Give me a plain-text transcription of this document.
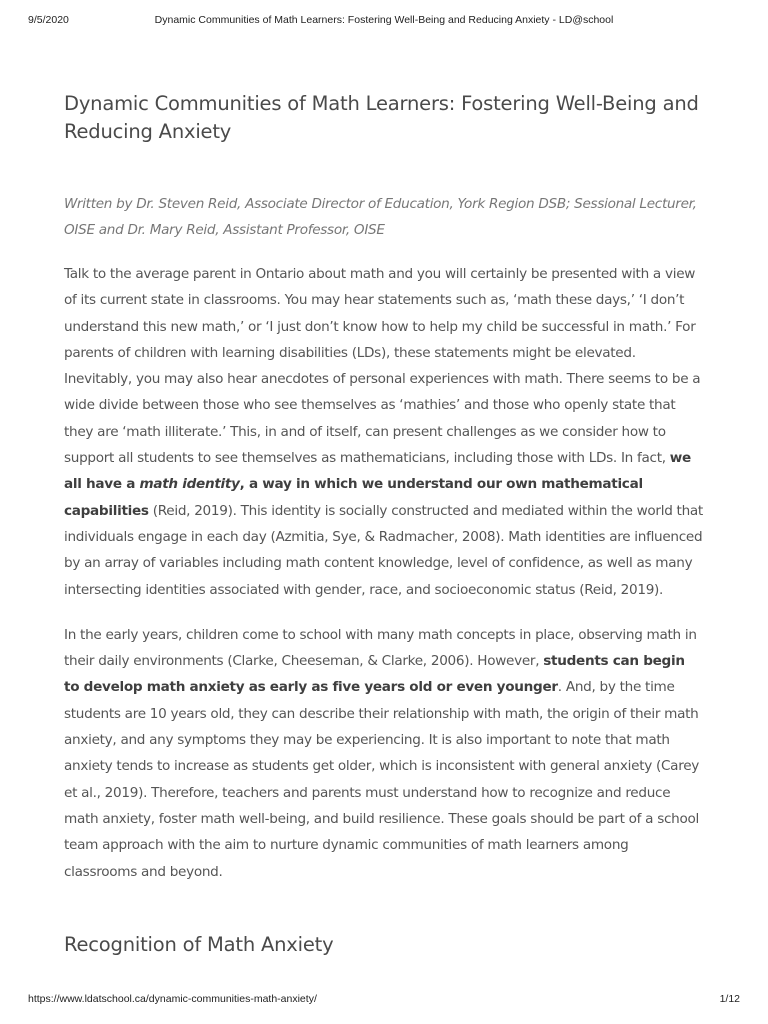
9/5/2020	Dynamic Communities of Math Learners: Fostering Well-Being and Reducing Anxiety - LD@school
Dynamic Communities of Math Learners: Fostering Well-Being and Reducing Anxiety

Written by Dr. Steven Reid, Associate Director of Education, York Region DSB; Sessional Lecturer, OISE and Dr. Mary Reid, Assistant Professor, OISE

Talk to the average parent in Ontario about math and you will certainly be presented with a view of its current state in classrooms. You may hear statements such as, ‘math these days,’ ‘I don’t understand this new math,’ or ‘I just don’t know how to help my child be successful in math.’ For parents of children with learning disabilities (LDs), these statements might be elevated. Inevitably, you may also hear anecdotes of personal experiences with math. There seems to be a wide divide between those who see themselves as ‘mathies’ and those who openly state that they are ‘math illiterate.’ This, in and of itself, can present challenges as we consider how to support all students to see themselves as mathematicians, including those with LDs. In fact, we all have a math identity, a way in which we understand our own mathematical capabilities (Reid, 2019). This identity is socially constructed and mediated within the world that individuals engage in each day (Azmitia, Sye, & Radmacher, 2008). Math identities are influenced by an array of variables including math content knowledge, level of confidence, as well as many intersecting identities associated with gender, race, and socioeconomic status (Reid, 2019).

In the early years, children come to school with many math concepts in place, observing math in their daily environments (Clarke, Cheeseman, & Clarke, 2006). However, students can begin to develop math anxiety as early as five years old or even younger. And, by the time students are 10 years old, they can describe their relationship with math, the origin of their math anxiety, and any symptoms they may be experiencing. It is also important to note that math anxiety tends to increase as students get older, which is inconsistent with general anxiety (Carey et al., 2019). Therefore, teachers and parents must understand how to recognize and reduce math anxiety, foster math well-being, and build resilience. These goals should be part of a school team approach with the aim to nurture dynamic communities of math learners among classrooms and beyond.

Recognition of Math Anxiety
https://www.ldatschool.ca/dynamic-communities-math-anxiety/	1/12
